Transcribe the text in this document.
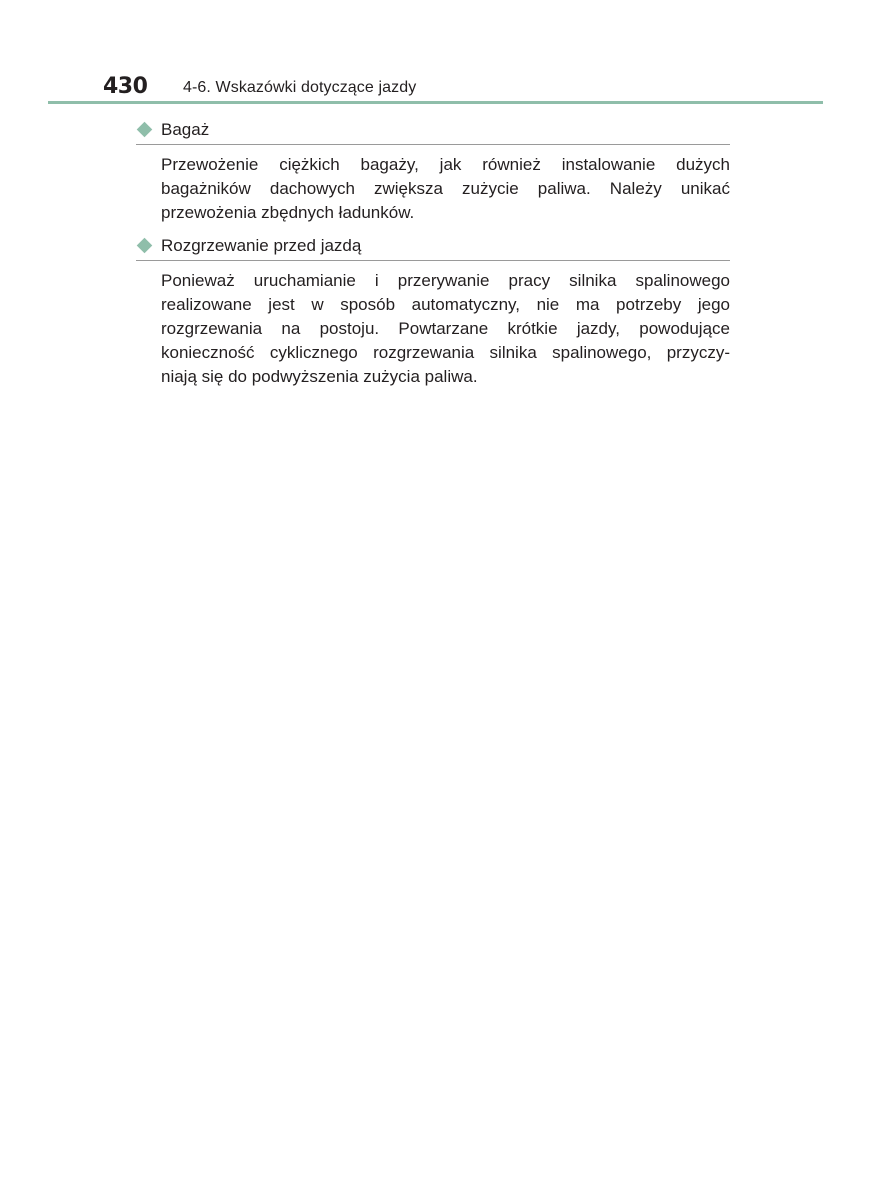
430 4-6. Wskazówki dotyczące jazdy
Bagaż

Przewożenie ciężkich bagaży, jak również instalowanie dużych
bagażników dachowych zwiększa zużycie paliwa. Należy unikać
przewożenia zbędnych ładunków.

Rozgrzewanie przed jazdą

Ponieważ uruchamianie i przerywanie pracy silnika spalinowego
realizowane jest w sposób automatyczny, nie ma potrzeby jego
rozgrzewania na postoju. Powtarzane krótkie jazdy, powodujące
konieczność cyklicznego rozgrzewania silnika spalinowego, przyczy-
niają się do podwyższenia zużycia paliwa.
